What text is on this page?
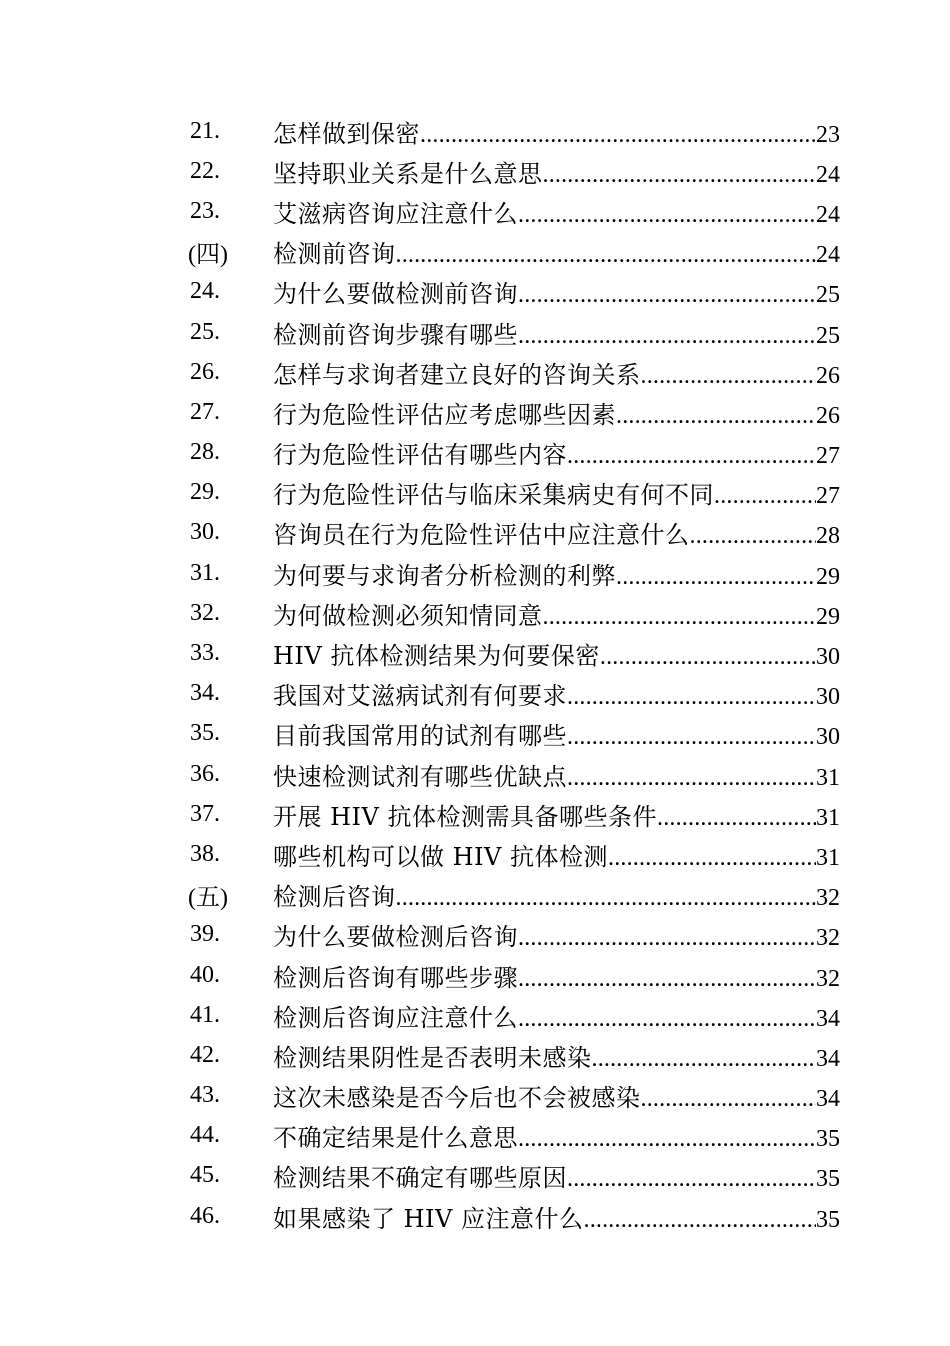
21.	怎样做到保密 .....	23
22.	坚持职业关系是什么意思 .....	24
23.	艾滋病咨询应注意什么 .....	24
(四)	检测前咨询 .....	24
24.	为什么要做检测前咨询 .....	25
25.	检测前咨询步骤有哪些 .....	25
26.	怎样与求询者建立良好的咨询关系 .....	26
27.	行为危险性评估应考虑哪些因素 .....	26
28.	行为危险性评估有哪些内容 .....	27
29.	行为危险性评估与临床采集病史有何不同 .....	27
30.	咨询员在行为危险性评估中应注意什么 .....	28
31.	为何要与求询者分析检测的利弊 .....	29
32.	为何做检测必须知情同意 .....	29
33.	HIV 抗体检测结果为何要保密 .....	30
34.	我国对艾滋病试剂有何要求 .....	30
35.	目前我国常用的试剂有哪些 .....	30
36.	快速检测试剂有哪些优缺点 .....	31
37.	开展 HIV 抗体检测需具备哪些条件 .....	31
38.	哪些机构可以做 HIV 抗体检测 .....	31
(五)	检测后咨询 .....	32
39.	为什么要做检测后咨询 .....	32
40.	检测后咨询有哪些步骤 .....	32
41.	检测后咨询应注意什么 .....	34
42.	检测结果阴性是否表明未感染 .....	34
43.	这次未感染是否今后也不会被感染 .....	34
44.	不确定结果是什么意思 .....	35
45.	检测结果不确定有哪些原因 .....	35
46.	如果感染了 HIV 应注意什么 .....	35
